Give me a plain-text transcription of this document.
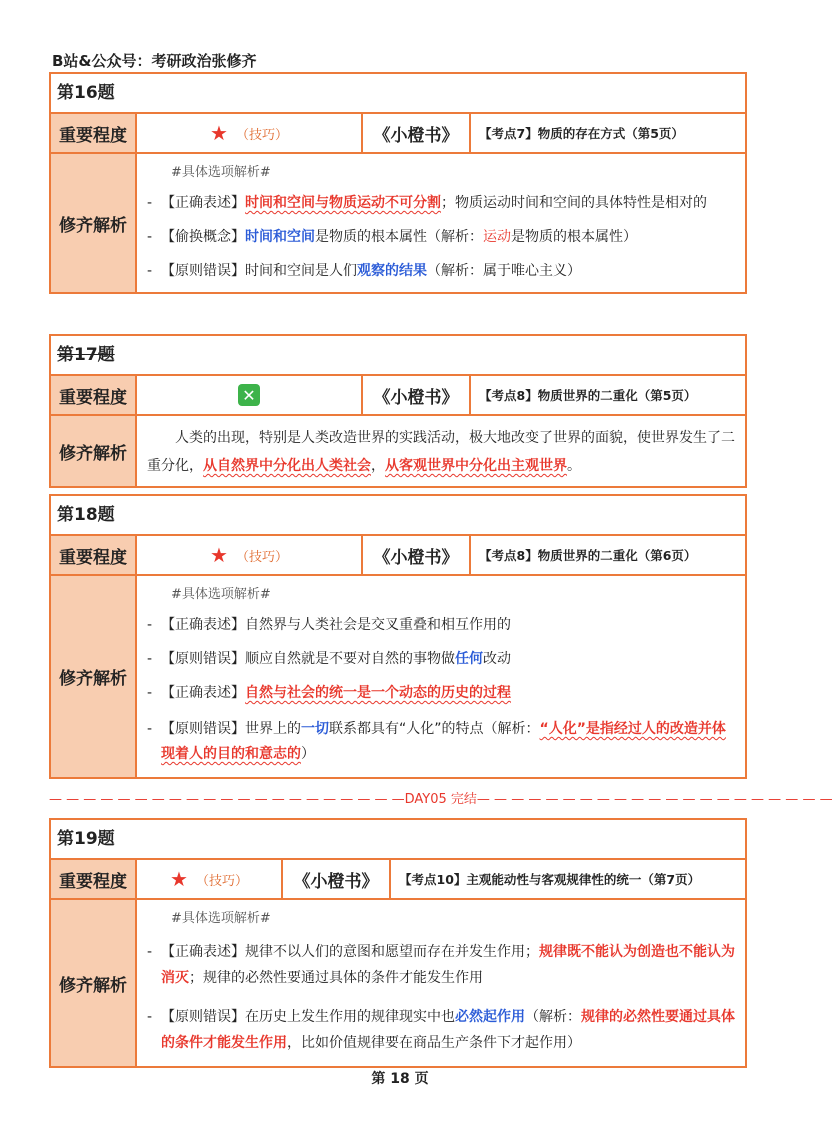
B站&公众号：考研政治张修齐
第16题
重要程度	★ （技巧）	《小橙书》	【考点7】物质的存在方式（第5页）
修齐解析
#具体选项解析#
- 【正确表述】时间和空间与物质运动不可分割；物质运动时间和空间的具体特性是相对的
- 【偷换概念】时间和空间是物质的根本属性（解析：运动是物质的根本属性）
- 【原则错误】时间和空间是人们观察的结果（解析：属于唯心主义）
第17题
重要程度	✕	《小橙书》	【考点8】物质世界的二重化（第5页）
修齐解析
人类的出现，特别是人类改造世界的实践活动，极大地改变了世界的面貌，使世界发生了二重分化，从自然界中分化出人类社会，从客观世界中分化出主观世界。
第18题
重要程度	★ （技巧）	《小橙书》	【考点8】物质世界的二重化（第6页）
修齐解析
#具体选项解析#
- 【正确表述】自然界与人类社会是交叉重叠和相互作用的
- 【原则错误】顺应自然就是不要对自然的事物做任何改动
- 【正确表述】自然与社会的统一是一个动态的历史的过程
- 【原则错误】世界上的一切联系都具有“人化”的特点（解析：“人化”是指经过人的改造并体现着人的目的和意志的）
— — — — — — — — — — — — — — — — — — — — —DAY05 完结— — — — — — — — — — — — — — — — — — — — —
第19题
重要程度	★ （技巧）	《小橙书》	【考点10】主观能动性与客观规律性的统一（第7页）
修齐解析
#具体选项解析#
- 【正确表述】规律不以人们的意图和愿望而存在并发生作用；规律既不能认为创造也不能认为消灭；规律的必然性要通过具体的条件才能发生作用
- 【原则错误】在历史上发生作用的规律现实中也必然起作用（解析：规律的必然性要通过具体的条件才能发生作用，比如价值规律要在商品生产条件下才起作用）
第 18 页
